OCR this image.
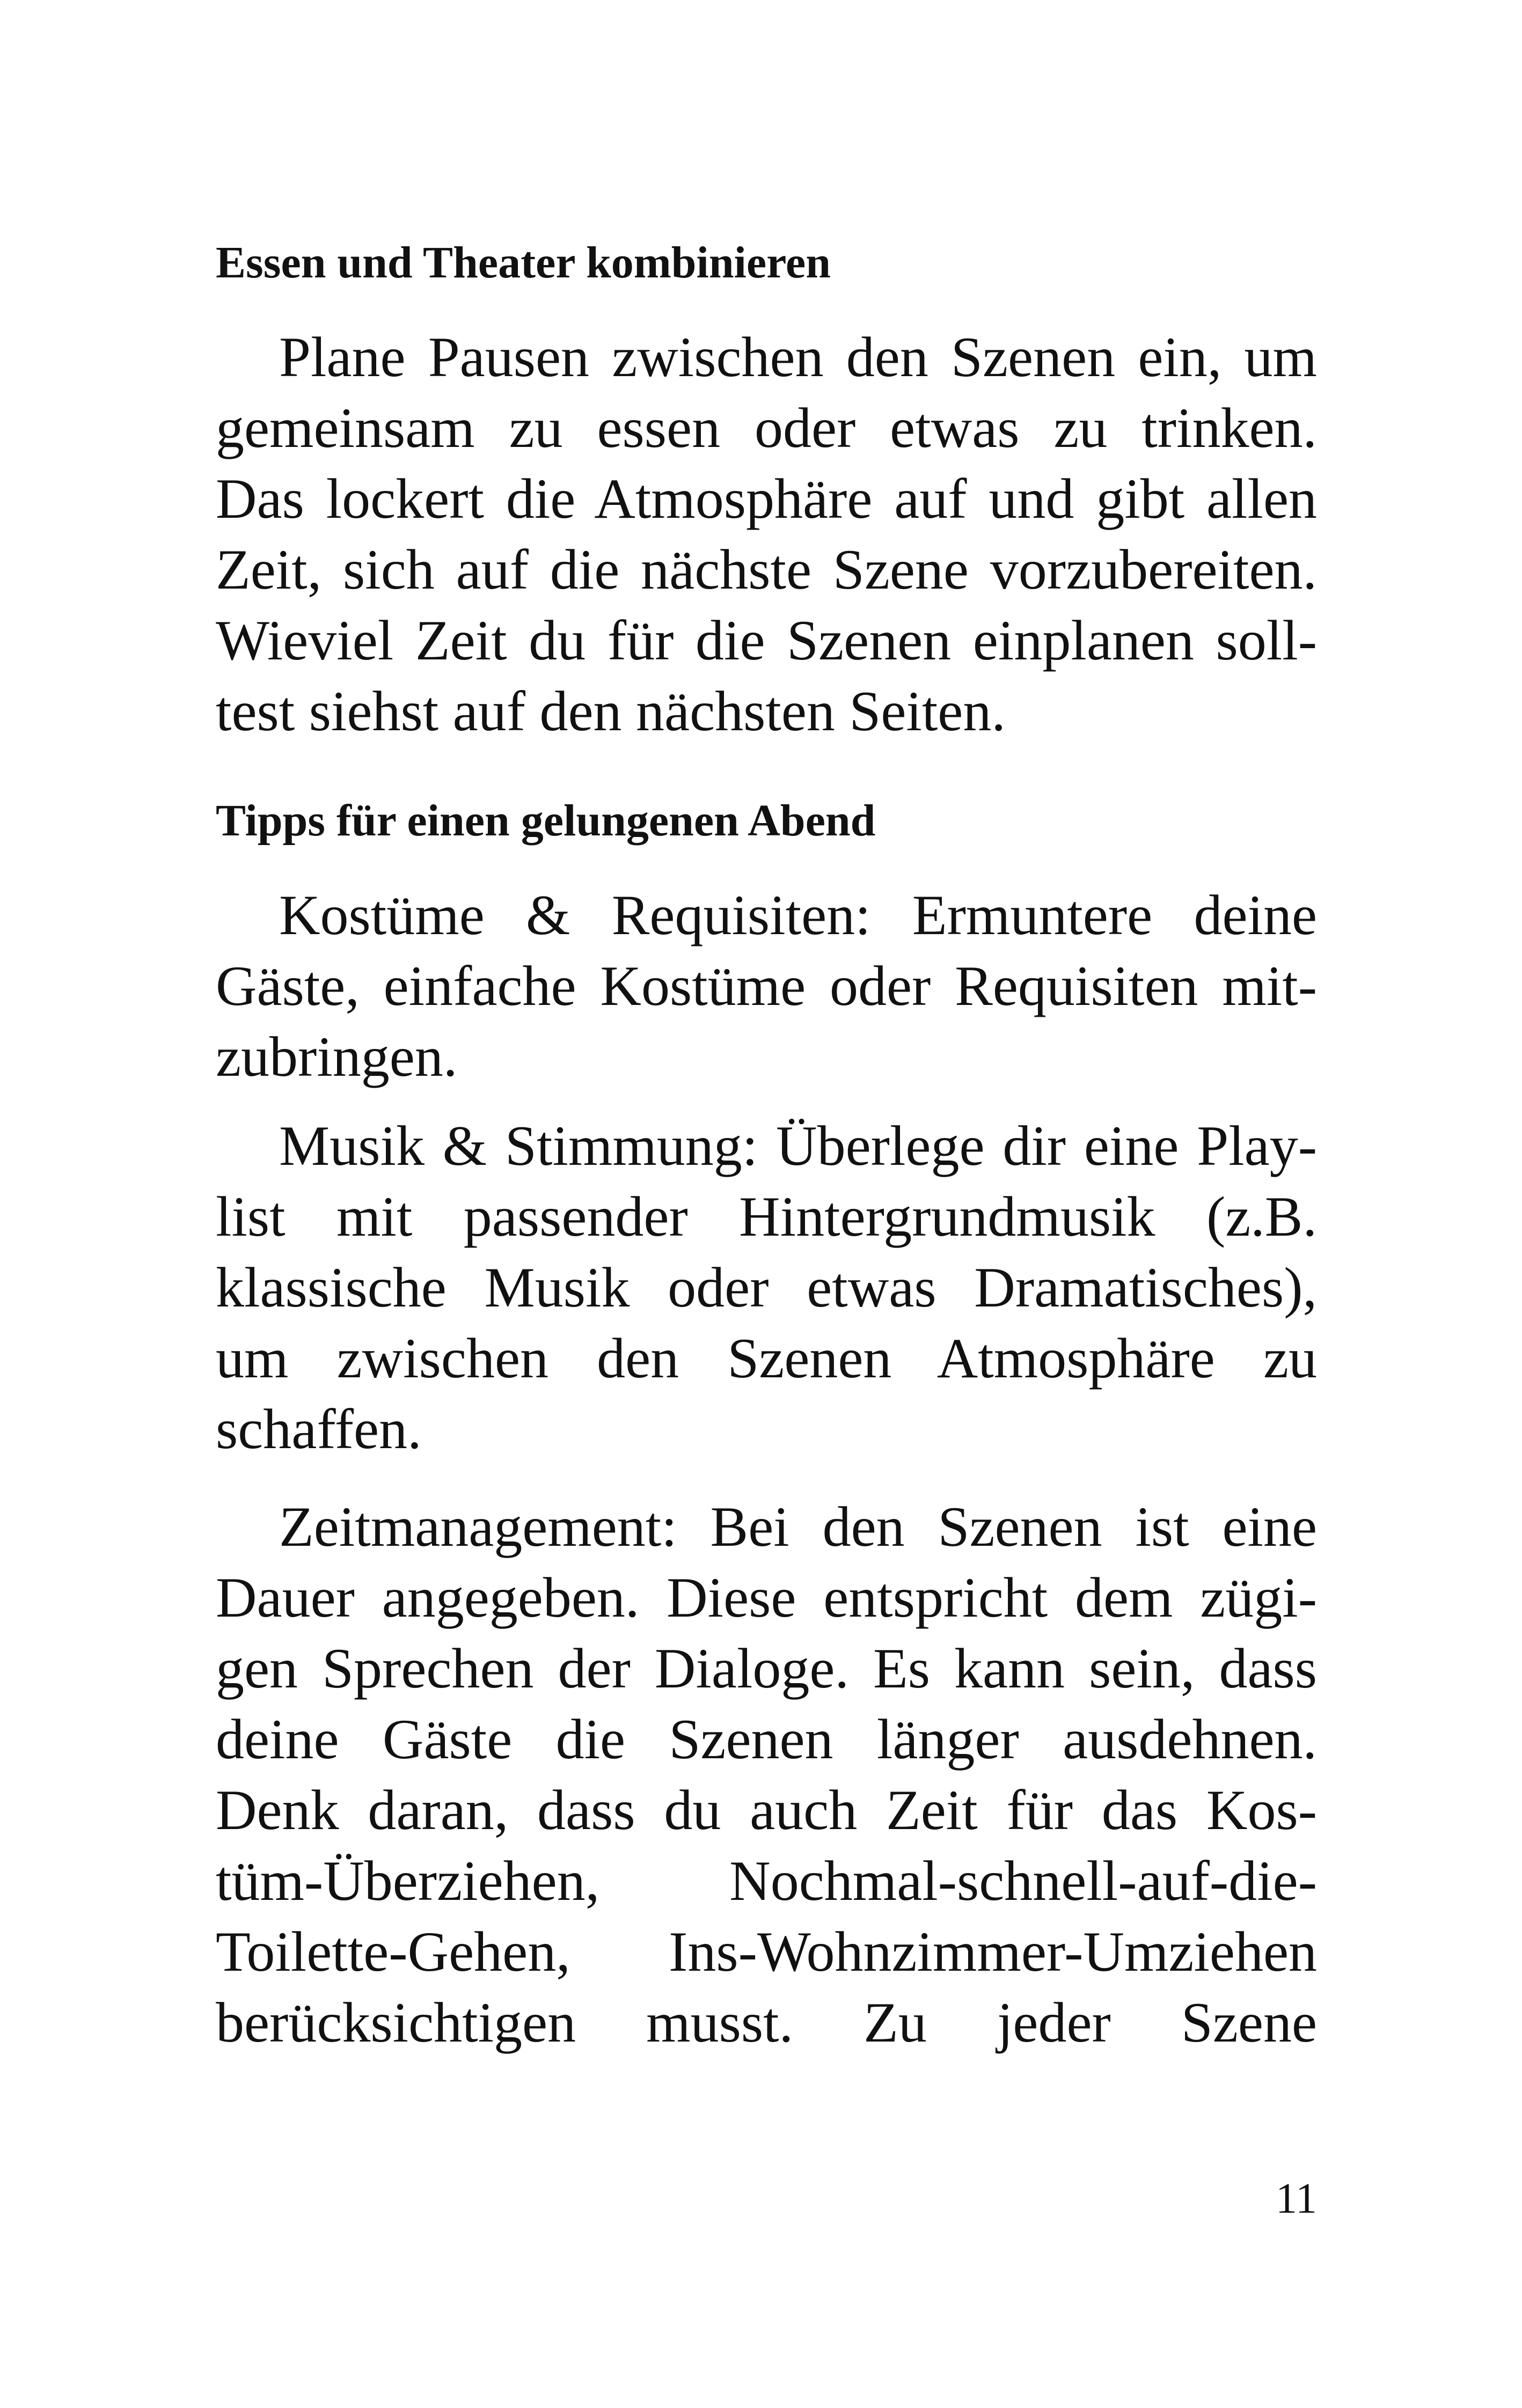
Essen und Theater kombinieren
Plane Pausen zwischen den Szenen ein, um
gemeinsam zu essen oder etwas zu trinken.
Das lockert die Atmosphäre auf und gibt allen
Zeit, sich auf die nächste Szene vorzubereiten.
Wieviel Zeit du für die Szenen einplanen soll-
test siehst auf den nächsten Seiten.
Tipps für einen gelungenen Abend
Kostüme & Requisiten: Ermuntere deine
Gäste, einfache Kostüme oder Requisiten mit-
zubringen.
Musik & Stimmung: Überlege dir eine Play-
list mit passender Hintergrundmusik (z.B.
klassische Musik oder etwas Dramatisches),
um zwischen den Szenen Atmosphäre zu
schaffen.
Zeitmanagement: Bei den Szenen ist eine
Dauer angegeben. Diese entspricht dem zügi-
gen Sprechen der Dialoge. Es kann sein, dass
deine Gäste die Szenen länger ausdehnen.
Denk daran, dass du auch Zeit für das Kos-
tüm-Überziehen, Nochmal-schnell-auf-die-
Toilette-Gehen, Ins-Wohnzimmer-Umziehen
berücksichtigen musst. Zu jeder Szene
11
